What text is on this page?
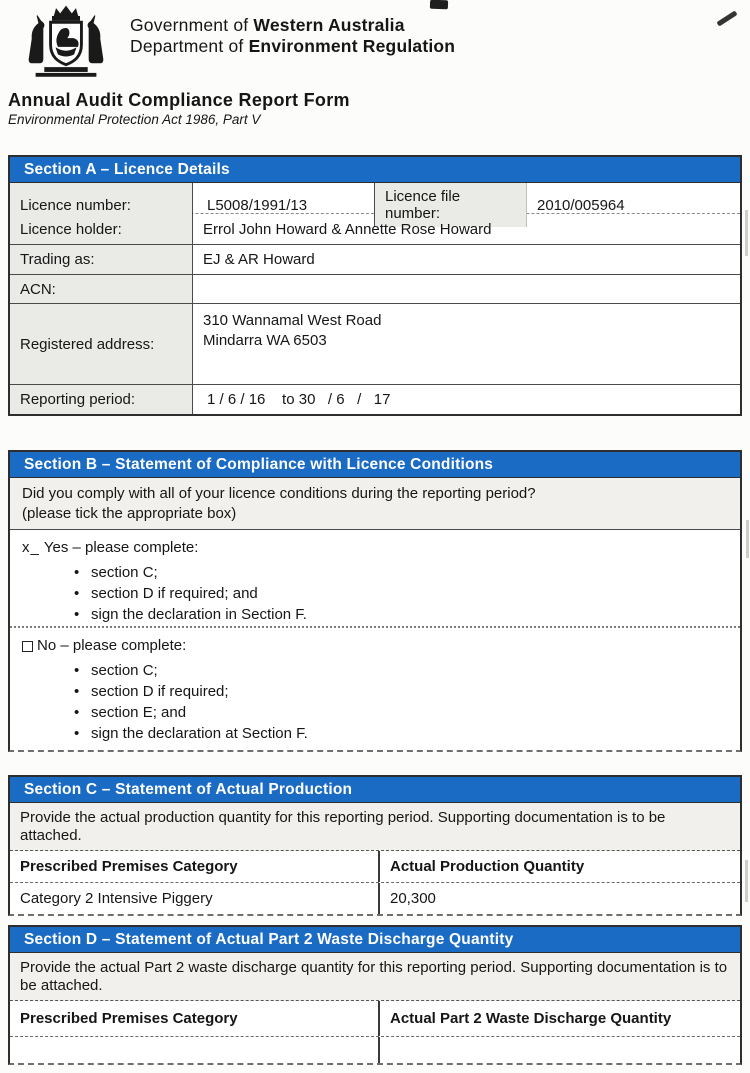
Government of Western Australia
Department of Environment Regulation
Annual Audit Compliance Report Form
Environmental Protection Act 1986, Part V
Section A – Licence Details
Licence number:	L5008/1991/13	Licence file number:	2010/005964
Licence holder:	Errol John Howard & Annette Rose Howard
Trading as:	EJ & AR Howard
ACN:
Registered address:
310 Wannamal West Road
Mindarra WA 6503
Reporting period:	1 / 6 / 16    to 30   / 6   /   17
Section B – Statement of Compliance with Licence Conditions
Did you comply with all of your licence conditions during the reporting period?
(please tick the appropriate box)
x_ Yes – please complete:
• section C;
• section D if required; and
• sign the declaration in Section F.
No – please complete:
• section C;
• section D if required;
• section E; and
• sign the declaration at Section F.
Section C – Statement of Actual Production
Provide the actual production quantity for this reporting period. Supporting documentation is to be attached.
Prescribed Premises Category	Actual Production Quantity
Category 2 Intensive Piggery	20,300
Section D – Statement of Actual Part 2 Waste Discharge Quantity
Provide the actual Part 2 waste discharge quantity for this reporting period. Supporting documentation is to be attached.
Prescribed Premises Category	Actual Part 2 Waste Discharge Quantity
